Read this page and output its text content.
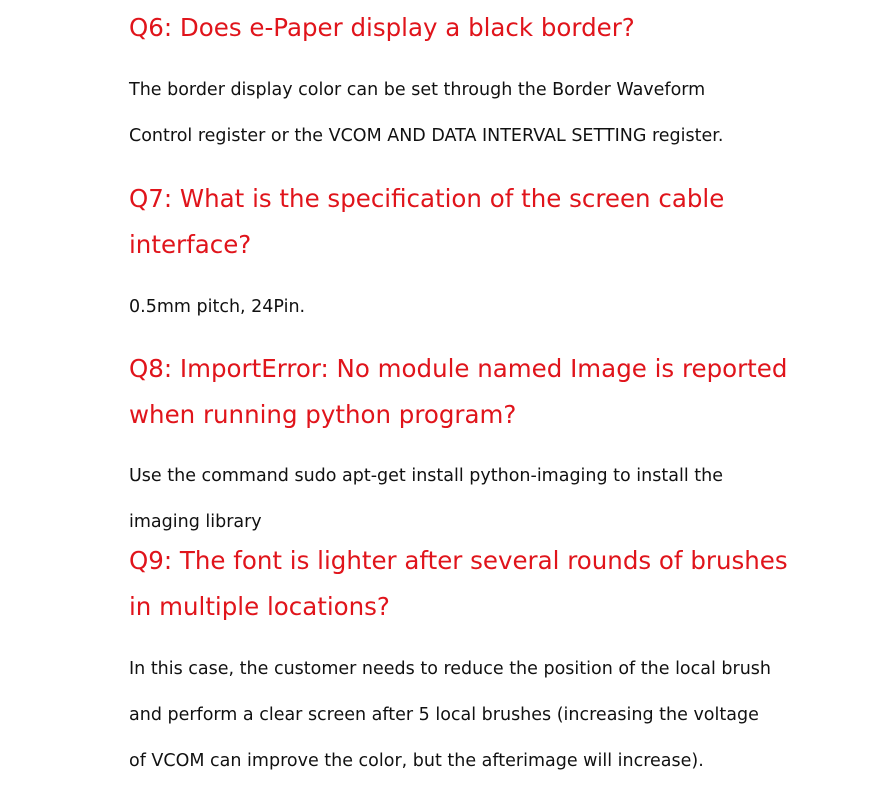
Q6: Does e-Paper display a black border?

The border display color can be set through the Border Waveform
Control register or the VCOM AND DATA INTERVAL SETTING register.

Q7: What is the specification of the screen cable
interface?

0.5mm pitch, 24Pin.

Q8: ImportError: No module named Image is reported
when running python program?

Use the command sudo apt-get install python-imaging to install the
imaging library

Q9: The font is lighter after several rounds of brushes
in multiple locations?

In this case, the customer needs to reduce the position of the local brush
and perform a clear screen after 5 local brushes (increasing the voltage
of VCOM can improve the color, but the afterimage will increase).
